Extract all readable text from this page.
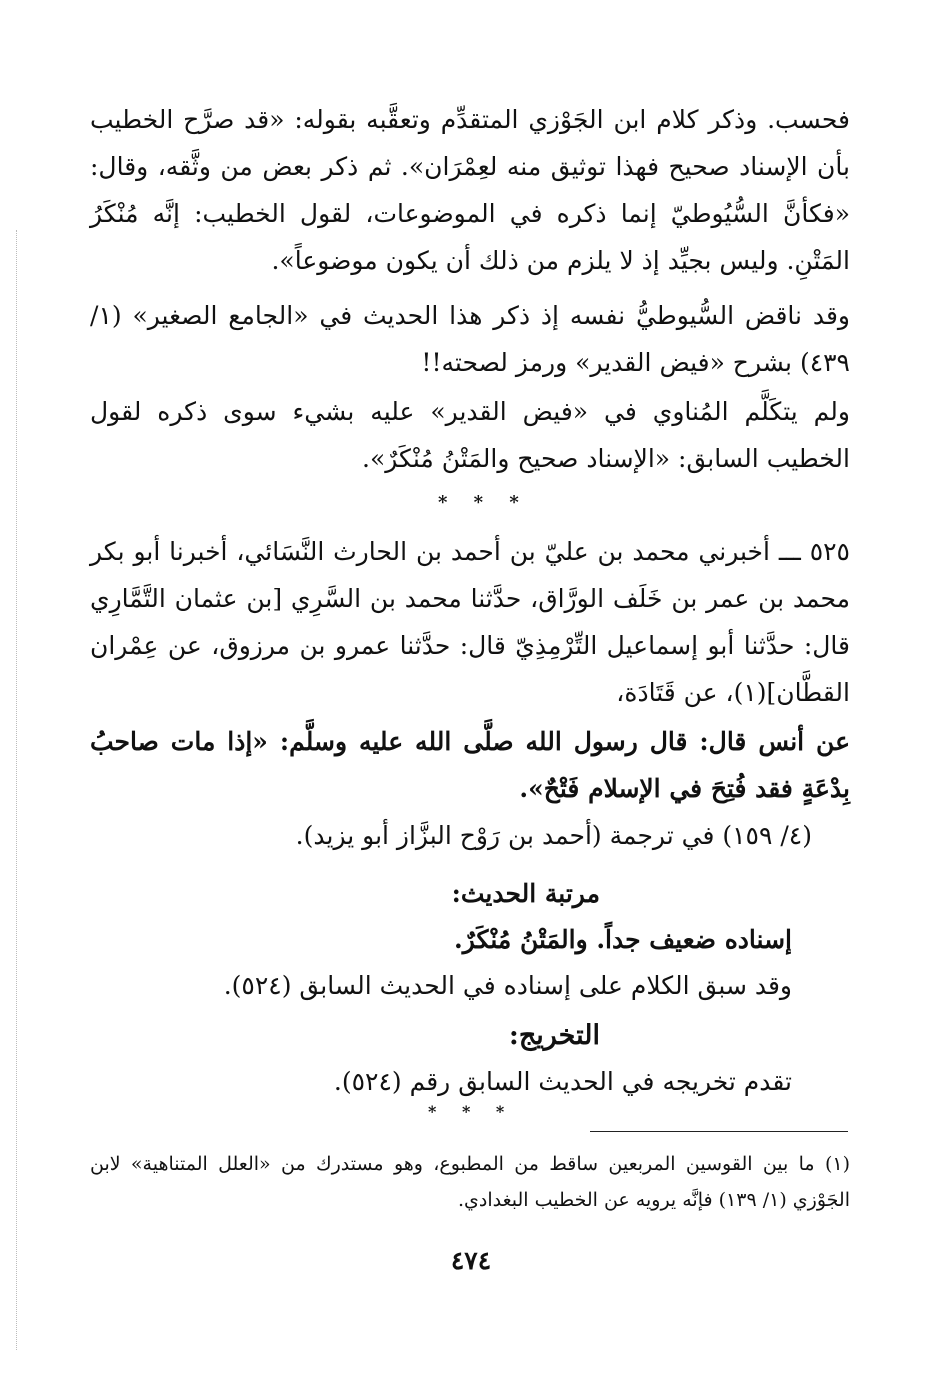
فحسب. وذكر كلام ابن الجَوْزي المتقدِّم وتعقَّبه بقوله: «قد صرَّح الخطيب بأن الإسناد صحيح فهذا توثيق منه لعِمْرَان». ثم ذكر بعض من وثَّقه، وقال: «فكأنَّ السُّيُوطيّ إنما ذكره في الموضوعات، لقول الخطيب: إنَّه مُنْكَرُ المَتْنِ. وليس بجيِّد إذ لا يلزم من ذلك أن يكون موضوعاً».

وقد ناقض السُّيوطيُّ نفسه إذ ذكر هذا الحديث في «الجامع الصغير» (١/ ٤٣٩) بشرح «فيض القدير» ورمز لصحته!!

ولم يتكَلَّم المُناوي في «فيض القدير» عليه بشيء سوى ذكره لقول الخطيب السابق: «الإسناد صحيح والمَتْنُ مُنْكَرٌ».

* * *

٥٢٥ ـــ أخبرني محمد بن عليّ بن أحمد بن الحارث النَّسَائي، أخبرنا أبو بكر محمد بن عمر بن خَلَف الورَّاق، حدَّثنا محمد بن السَّرِي [بن عثمان التَّمَّارِي قال: حدَّثنا أبو إسماعيل التِّرْمِذِيّ قال: حدَّثنا عمرو بن مرزوق، عن عِمْران القطَّان](١)، عن قَتَادَة،

عن أنس قال: قال رسول الله صلَّى الله عليه وسلَّم: «إذا مات صاحبُ بِدْعَةٍ فقد فُتِحَ في الإسلام فَتْحٌ».

(٤/ ١٥٩) في ترجمة (أحمد بن رَوْح البزَّاز أبو يزيد).

مرتبة الحديث:
إسناده ضعيف جداً. والمَتْنُ مُنْكَرٌ.
وقد سبق الكلام على إسناده في الحديث السابق (٥٢٤).
التخريج:
تقدم تخريجه في الحديث السابق رقم (٥٢٤).
* * *

(١) ما بين القوسين المربعين ساقط من المطبوع، وهو مستدرك من «العلل المتناهية» لابن الجَوْزي (١/ ١٣٩) فإنَّه يرويه عن الخطيب البغدادي.

٤٧٤
